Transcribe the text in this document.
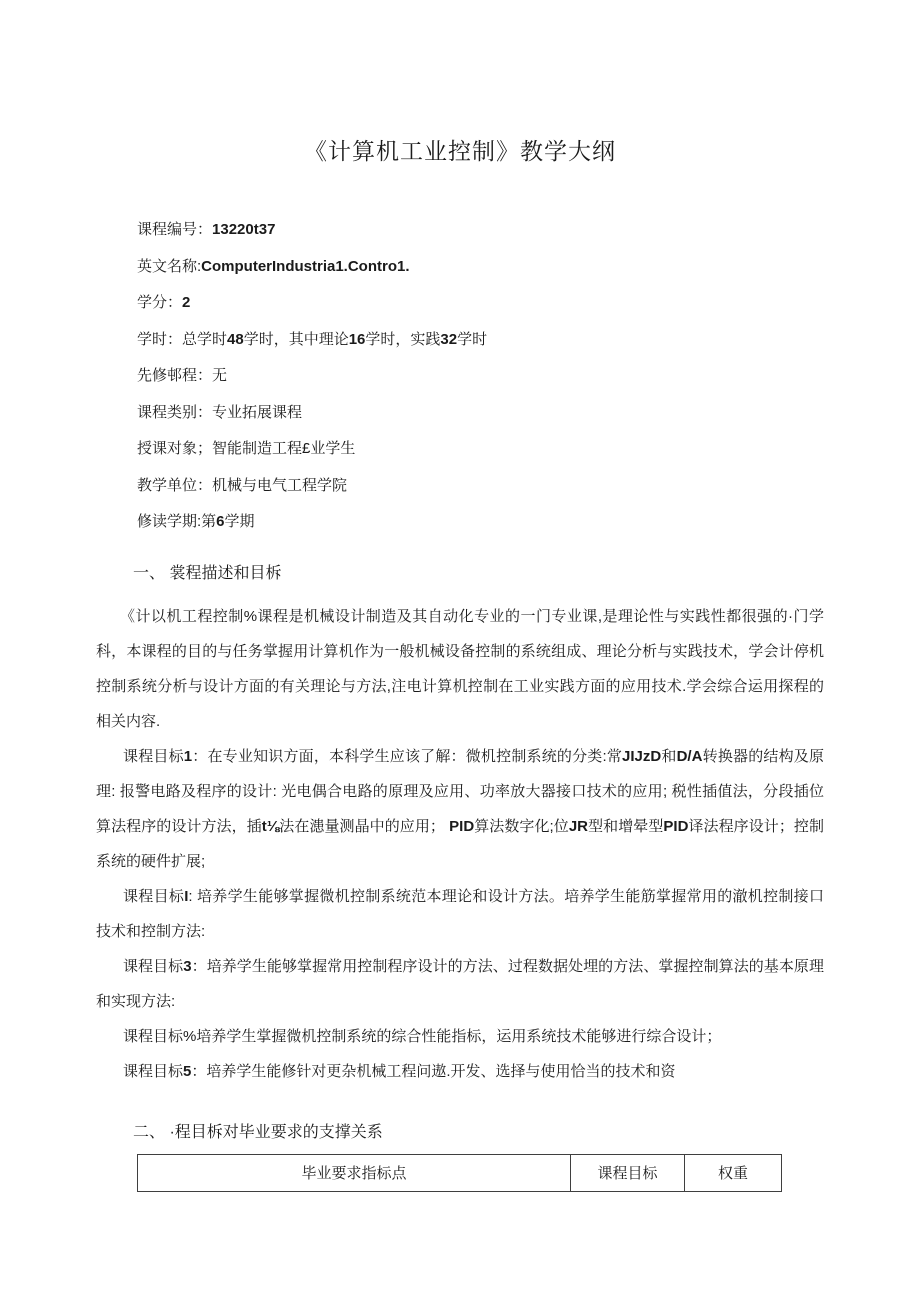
《计算机工业控制》教学大纲
课程编号：13220t37
英文名称:ComputerIndustria1.Contro1.
学分：2
学时：总学时48学时，其中理论16学时，实践32学时
先修邨程：无
课程类别：专业拓展课程
授课对象；智能制造工程£业学生
教学单位：机械与电气工程学院
修读学期:第6学期
一、 裳程描述和目柝

《计以机工程控制%课程是机械设计制造及其自动化专业的一门专业课,是理论性与实践性都很强的·门学科，本课程的目的与任务掌握用计算机作为一般机械设备控制的系统组成、理论分析与实践技术，学会计停机控制系统分析与设计方面的有关理论与方法,注电计算机控制在工业实践方面的应用技术.学会综合运用探程的相关内容.

课程目标1：在专业知识方面，本科学生应该了解：微机控制系统的分类:常JIJzD和D/A转换器的结构及原理: 报警电路及程序的设计: 光电偶合电路的原理及应用、功率放大器接口技术的应用; 税性插值法，分段插位算法程序的设计方法，插t⅛法在漶量测晶中的应用； PID算法数字化;位JR型和增晕型PID译法程序设计；控制系统的硬件扩展;

课程目标I: 培养学生能够掌握微机控制系统范本理论和设计方法。培养学生能筋掌握常用的澈机控制接口技术和控制方法:

课程目标3：培养学生能够掌握常用控制程序设计的方法、过程数据处埋的方法、掌握控制算法的基本原理和实现方法:

课程目标%培养学生掌握微机控制系统的综合性能指标，运用系统技术能够进行综合设计；

课程目标5：培养学生能修针对更杂机械工程问遨.开发、选择与使用恰当的技术和资

二、 ·程目柝对毕业要求的支撑关系
毕业要求指标点	课程目标	权重
